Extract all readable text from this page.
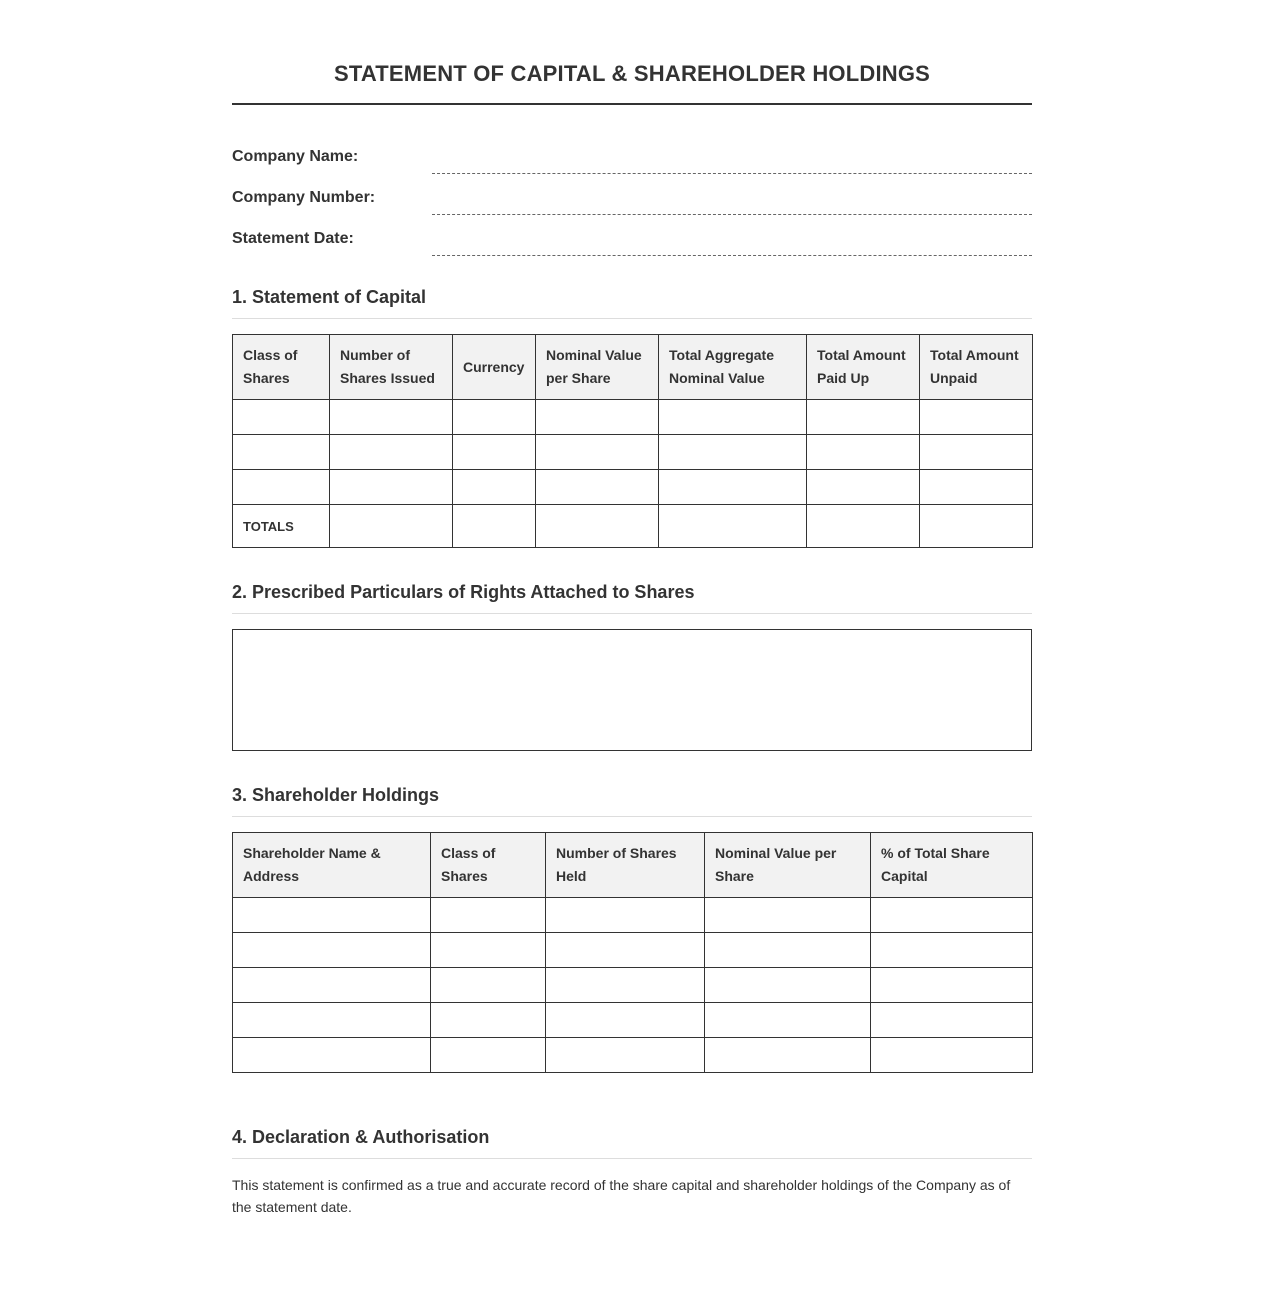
STATEMENT OF CAPITAL & SHAREHOLDER HOLDINGS
Company Name:
Company Number:
Statement Date:
1. Statement of Capital
Class of Shares	Number of Shares Issued	Currency	Nominal Value per Share	Total Aggregate Nominal Value	Total Amount Paid Up	Total Amount Unpaid

TOTALS						
2. Prescribed Particulars of Rights Attached to Shares
3. Shareholder Holdings
Shareholder Name & Address	Class of Shares	Number of Shares Held	Nominal Value per Share	% of Total Share Capital

4. Declaration & Authorisation

This statement is confirmed as a true and accurate record of the share capital and shareholder holdings of the Company as of the statement date.
